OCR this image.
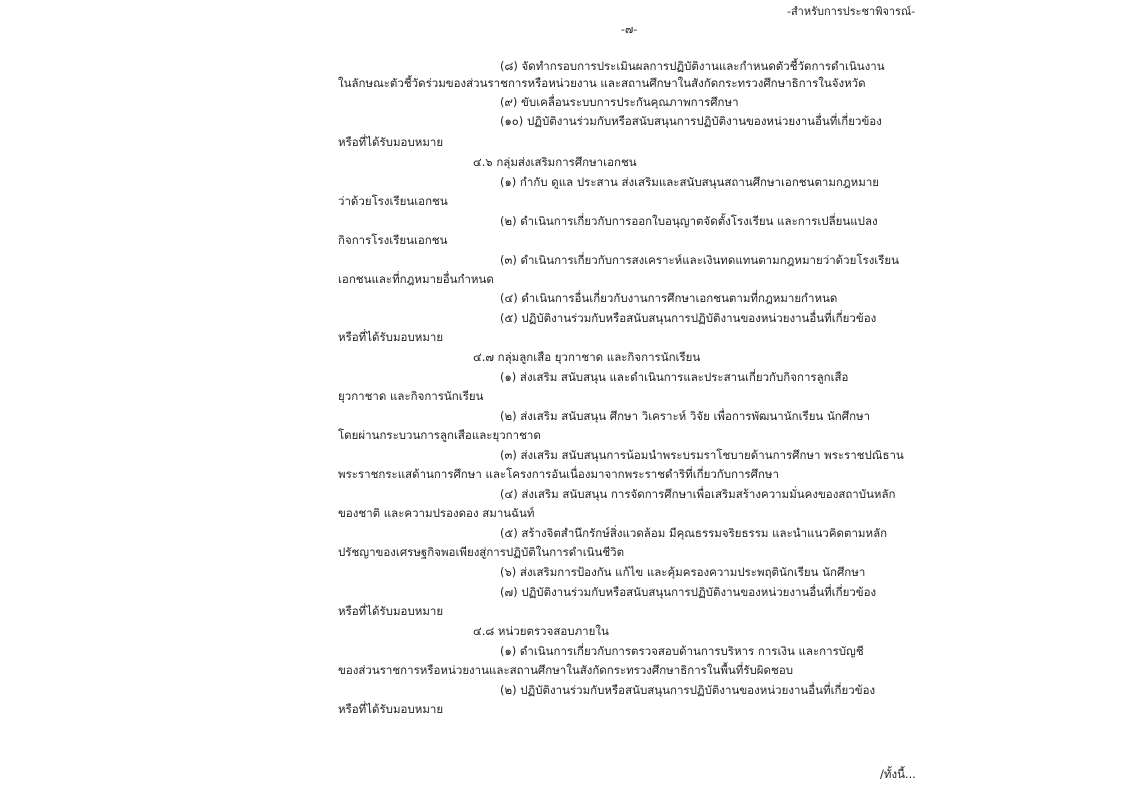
-สำหรับการประชาพิจารณ์-
-๗-
(๘) จัดทำกรอบการประเมินผลการปฏิบัติงานและกำหนดตัวชี้วัดการดำเนินงาน
ในลักษณะตัวชี้วัดร่วมของส่วนราชการหรือหน่วยงาน และสถานศึกษาในสังกัดกระทรวงศึกษาธิการในจังหวัด
(๙) ขับเคลื่อนระบบการประกันคุณภาพการศึกษา
(๑๐) ปฏิบัติงานร่วมกับหรือสนับสนุนการปฏิบัติงานของหน่วยงานอื่นที่เกี่ยวข้อง
หรือที่ได้รับมอบหมาย
๔.๖ กลุ่มส่งเสริมการศึกษาเอกชน
(๑) กำกับ ดูแล ประสาน ส่งเสริมและสนับสนุนสถานศึกษาเอกชนตามกฎหมาย
ว่าด้วยโรงเรียนเอกชน
(๒) ดำเนินการเกี่ยวกับการออกใบอนุญาตจัดตั้งโรงเรียน และการเปลี่ยนแปลง
กิจการโรงเรียนเอกชน
(๓) ดำเนินการเกี่ยวกับการสงเคราะห์และเงินทดแทนตามกฎหมายว่าด้วยโรงเรียน
เอกชนและที่กฎหมายอื่นกำหนด
(๔) ดำเนินการอื่นเกี่ยวกับงานการศึกษาเอกชนตามที่กฎหมายกำหนด
(๕) ปฏิบัติงานร่วมกับหรือสนับสนุนการปฏิบัติงานของหน่วยงานอื่นที่เกี่ยวข้อง
หรือที่ได้รับมอบหมาย
๔.๗ กลุ่มลูกเสือ ยุวกาชาด และกิจการนักเรียน
(๑) ส่งเสริม สนับสนุน และดำเนินการและประสานเกี่ยวกับกิจการลูกเสือ
ยุวกาชาด และกิจการนักเรียน
(๒) ส่งเสริม สนับสนุน ศึกษา วิเคราะห์ วิจัย เพื่อการพัฒนานักเรียน นักศึกษา
โดยผ่านกระบวนการลูกเสือและยุวกาชาด
(๓) ส่งเสริม สนับสนุนการน้อมนำพระบรมราโชบายด้านการศึกษา พระราชปณิธาน
พระราชกระแสด้านการศึกษา และโครงการอันเนื่องมาจากพระราชดำริที่เกี่ยวกับการศึกษา
(๔) ส่งเสริม สนับสนุน การจัดการศึกษาเพื่อเสริมสร้างความมั่นคงของสถาบันหลัก
ของชาติ และความปรองดอง สมานฉันท์
(๕) สร้างจิตสำนึกรักษ์สิ่งแวดล้อม มีคุณธรรมจริยธรรม และนำแนวคิดตามหลัก
ปรัชญาของเศรษฐกิจพอเพียงสู่การปฏิบัติในการดำเนินชีวิต
(๖) ส่งเสริมการป้องกัน แก้ไข และคุ้มครองความประพฤตินักเรียน นักศึกษา
(๗) ปฏิบัติงานร่วมกับหรือสนับสนุนการปฏิบัติงานของหน่วยงานอื่นที่เกี่ยวข้อง
หรือที่ได้รับมอบหมาย
๔.๘ หน่วยตรวจสอบภายใน
(๑) ดำเนินการเกี่ยวกับการตรวจสอบด้านการบริหาร การเงิน และการบัญชี
ของส่วนราชการหรือหน่วยงานและสถานศึกษาในสังกัดกระทรวงศึกษาธิการในพื้นที่รับผิดชอบ
(๒) ปฏิบัติงานร่วมกับหรือสนับสนุนการปฏิบัติงานของหน่วยงานอื่นที่เกี่ยวข้อง
หรือที่ได้รับมอบหมาย
/ทั้งนี้...
